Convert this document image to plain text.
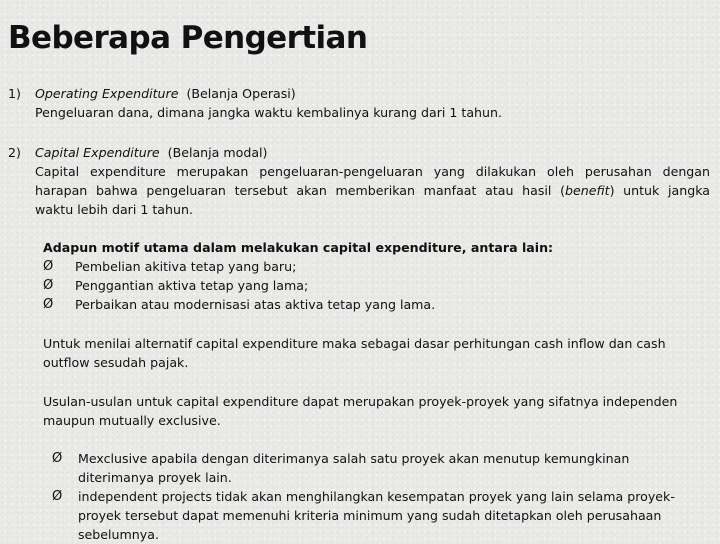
Beberapa Pengertian
1) Operating Expenditure (Belanja Operasi)
Pengeluaran dana, dimana jangka waktu kembalinya kurang dari 1 tahun.
2) Capital Expenditure (Belanja modal)
Capital expenditure merupakan pengeluaran-pengeluaran yang dilakukan oleh perusahan dengan
harapan bahwa pengeluaran tersebut akan memberikan manfaat atau hasil (benefit) untuk jangka
waktu lebih dari 1 tahun.
Adapun motif utama dalam melakukan capital expenditure, antara lain:
Ø	Pembelian akitiva tetap yang baru;
Ø	Penggantian aktiva tetap yang lama;
Ø	Perbaikan atau modernisasi atas aktiva tetap yang lama.
Untuk menilai alternatif capital expenditure maka sebagai dasar perhitungan cash inflow dan cash
outflow sesudah pajak.
Usulan-usulan untuk capital expenditure dapat merupakan proyek-proyek yang sifatnya independen
maupun mutually exclusive.
Ø	Mexclusive apabila dengan diterimanya salah satu proyek akan menutup kemungkinan
diterimanya proyek lain.
Ø	independent projects tidak akan menghilangkan kesempatan proyek yang lain selama proyek-
proyek tersebut dapat memenuhi kriteria minimum yang sudah ditetapkan oleh perusahaan
sebelumnya.
